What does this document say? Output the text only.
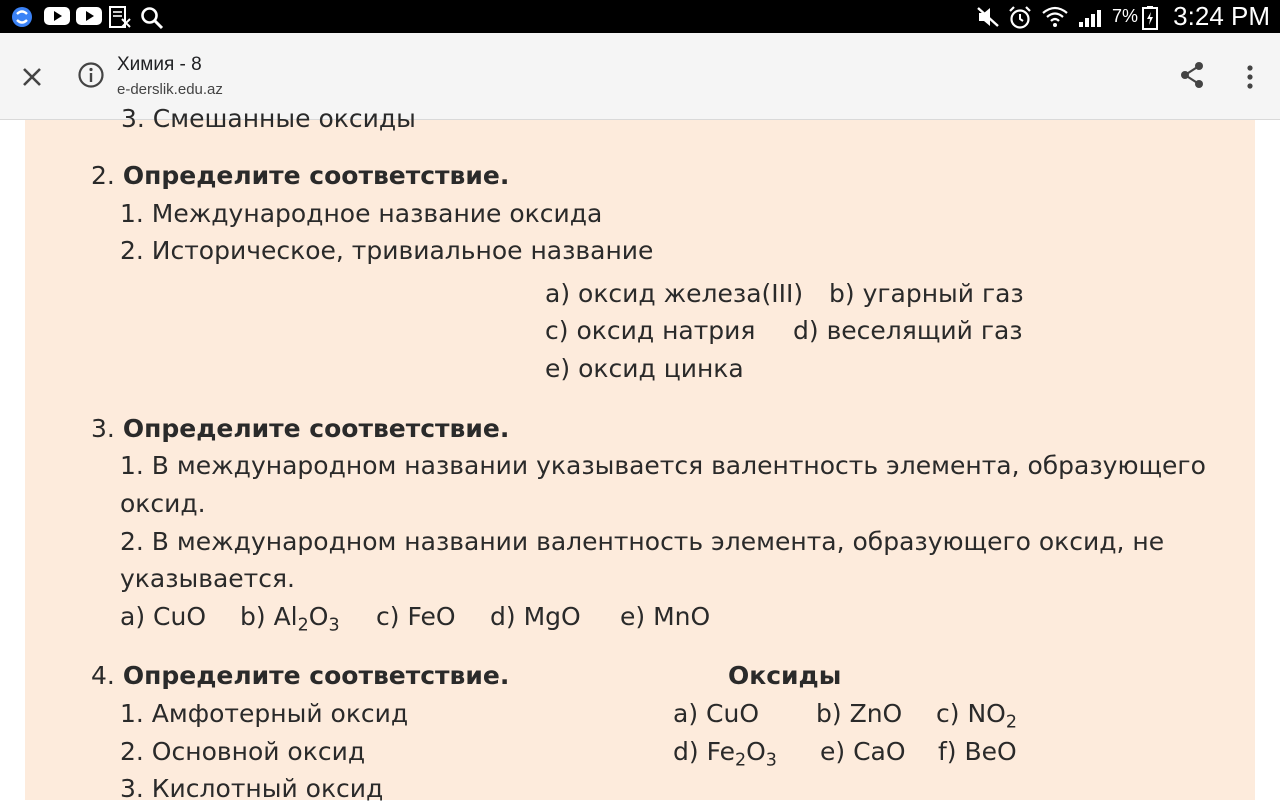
7% 3:24 PM
Химия - 8
e-derslik.edu.az
3. Смешанные оксиды
2. Определите соответствие.
1. Международное название оксида
2. Историческое, тривиальное название
a) оксид железа(III) b) угарный газ
c) оксид натрия d) веселящий газ
e) оксид цинка
3. Определите соответствие.
1. В международном названии указывается валентность элемента, образующего
оксид.
2. В международном названии валентность элемента, образующего оксид, не
указывается.
a) CuO b) $Al_2O_3$ c) FeO d) MgO e) MnO
4. Определите соответствие.	Оксиды
1. Амфотерный оксид
2. Основной оксид
3. Кислотный оксид
a) CuO b) ZnO c) $NO_2$
d) $Fe_2O_3$ e) CaO f) BeO
